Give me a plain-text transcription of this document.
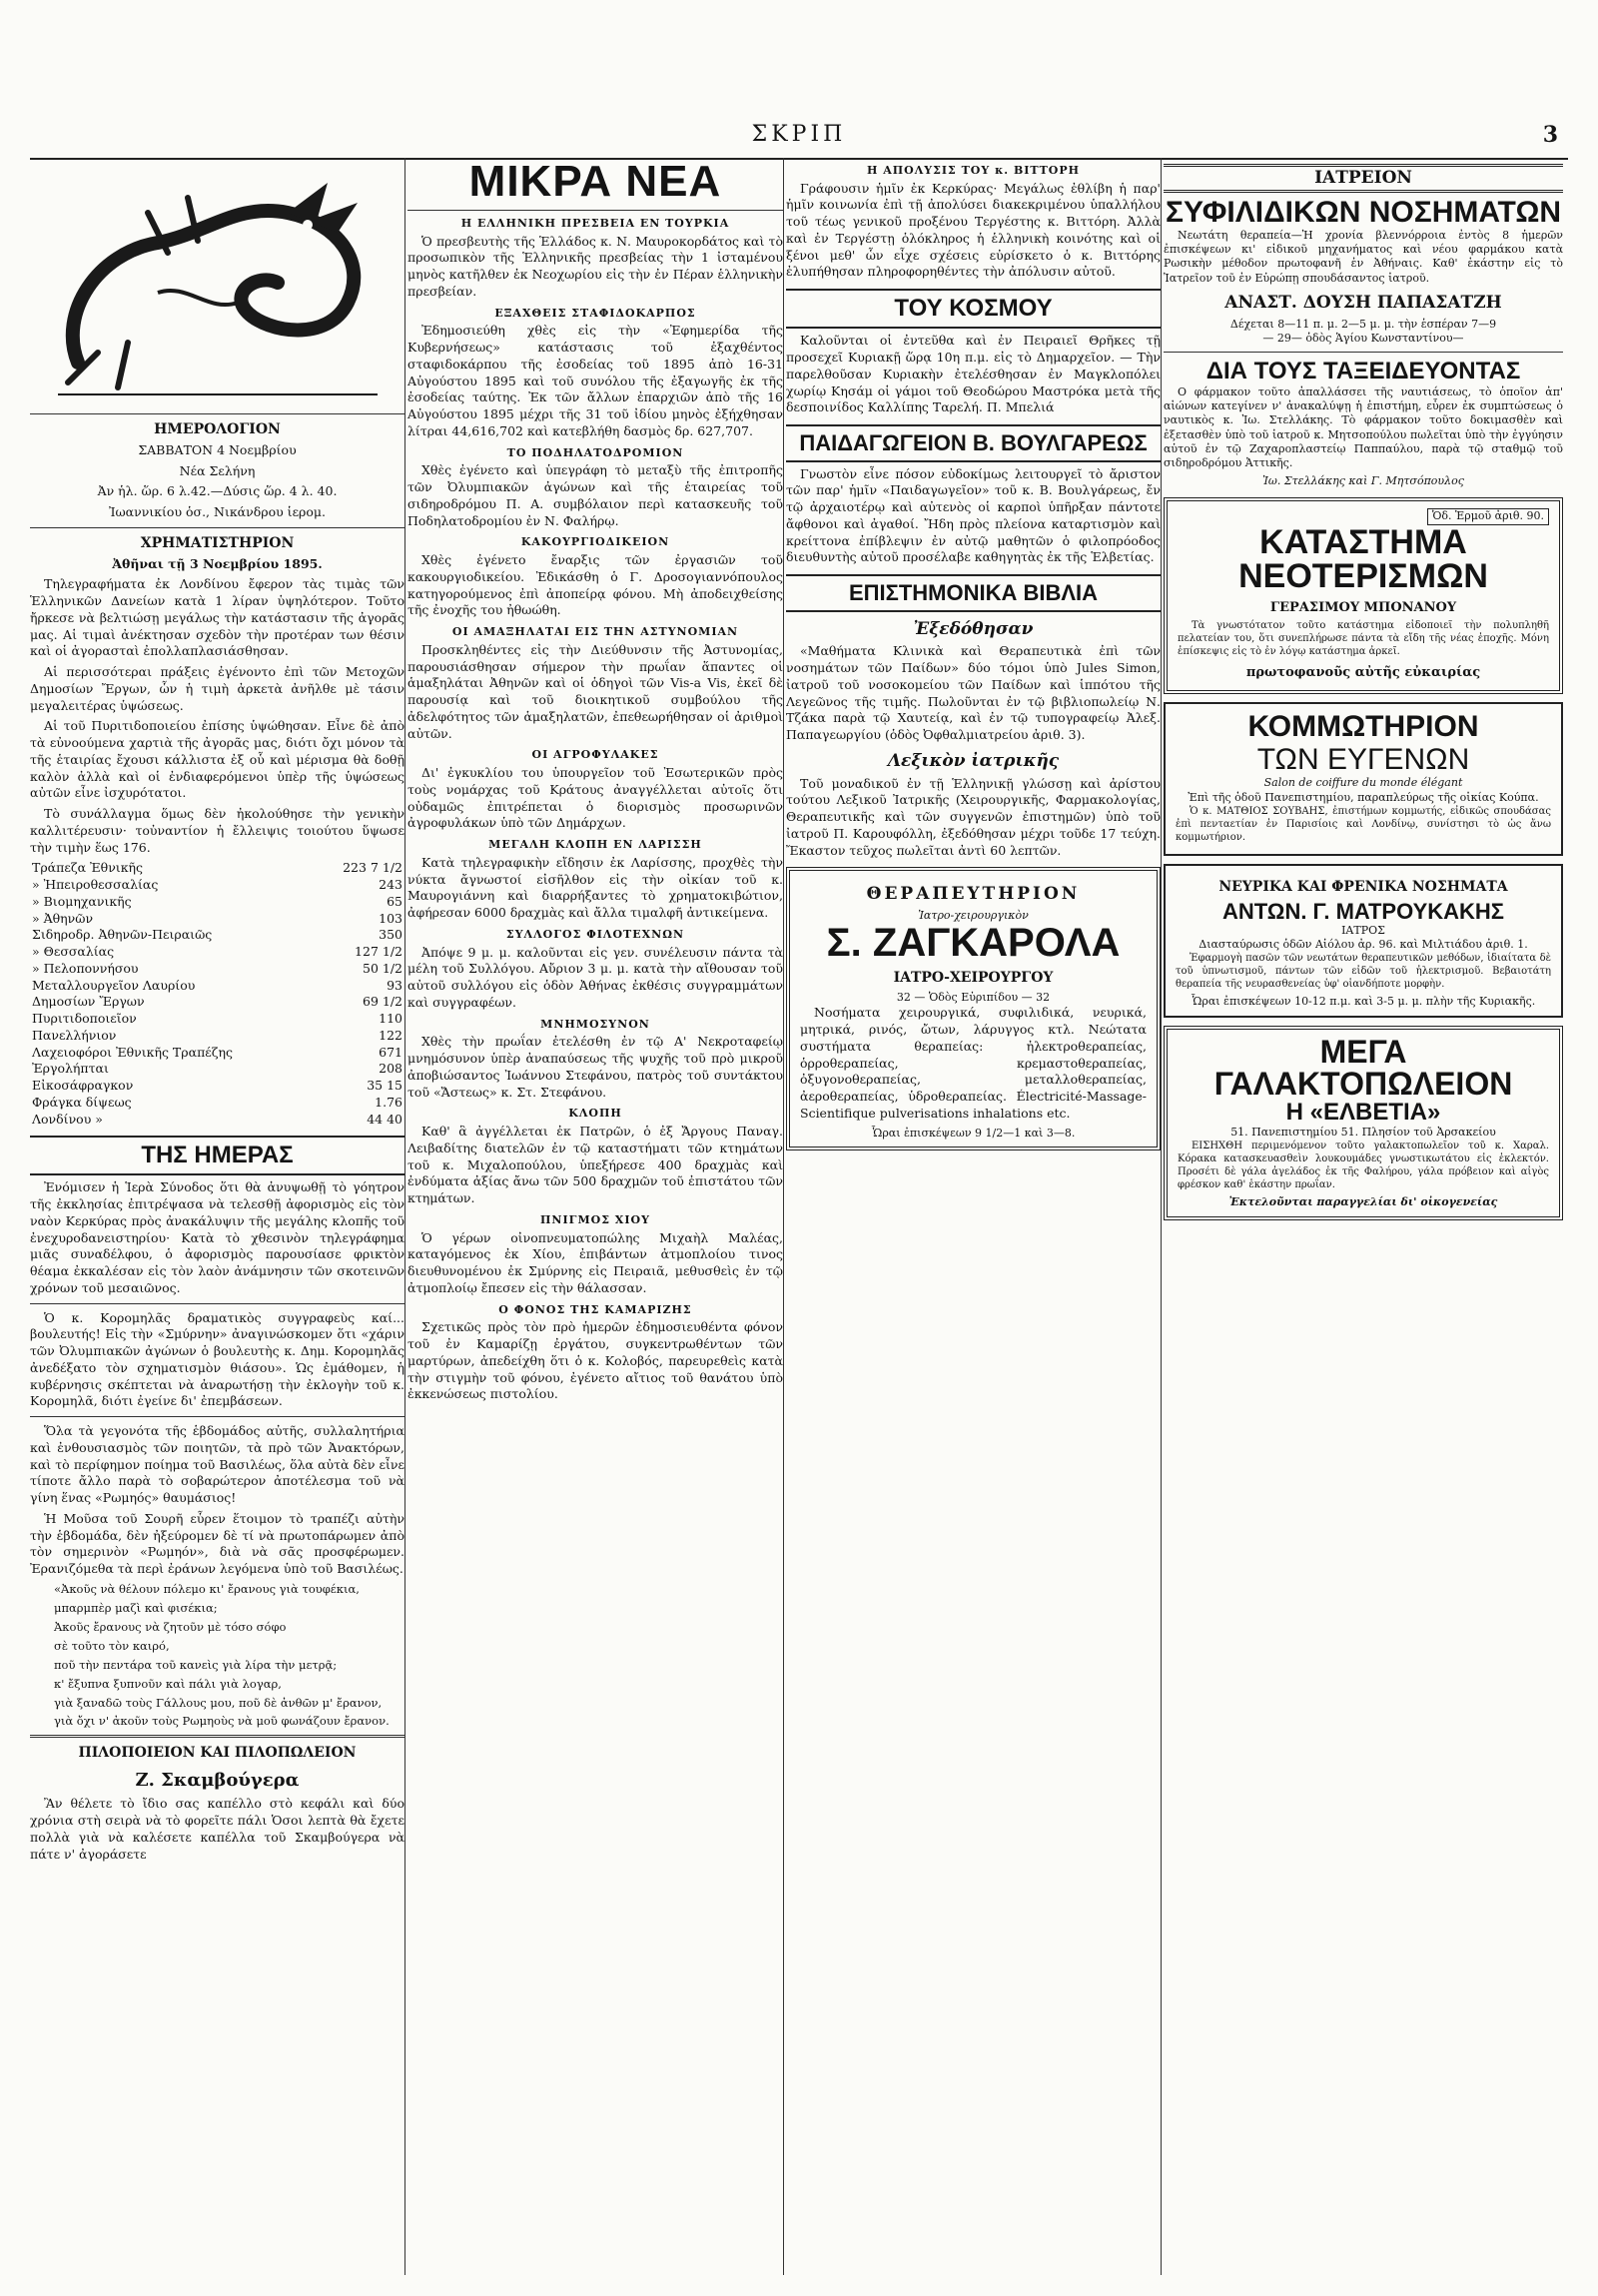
ΣΚΡΙΠ	3
ΗΜΕΡΟΛΟΓΙΟΝ

ΣΑΒΒΑΤΟΝ 4 Νοεμβρίου

Νέα Σελήνη

Ἀν ἡλ. ὥρ. 6 λ.42.—Δύσις ὥρ. 4 λ. 40.

Ἰωαννικίου ὁσ., Νικάνδρου ἱερομ.

ΧΡΗΜΑΤΙΣΤΗΡΙΟΝ

Ἀθῆναι τῇ 3 Νοεμβρίου 1895.

Τηλεγραφήματα ἐκ Λονδίνου ἔφερον τὰς τιμὰς τῶν Ἑλληνικῶν Δανείων κατὰ 1 λίραν ὑψηλότερον. Τοῦτο ἤρκεσε νὰ βελτιώσῃ μεγάλως τὴν κατάστασιν τῆς ἀγορᾶς μας. Αἱ τιμαὶ ἀνέκτησαν σχεδὸν τὴν προτέραν των θέσιν καὶ οἱ ἀγορασταὶ ἐπολλαπλασιάσθησαν.

Αἱ περισσότεραι πράξεις ἐγένοντο ἐπὶ τῶν Μετοχῶν Δημοσίων Ἔργων, ὧν ἡ τιμὴ ἀρκετὰ ἀνῆλθε μὲ τάσιν μεγαλειτέρας ὑψώσεως.

Αἱ τοῦ Πυριτιδοποιείου ἐπίσης ὑψώθησαν. Εἶνε δὲ ἀπὸ τὰ εὐνοούμενα χαρτιὰ τῆς ἀγορᾶς μας, διότι ὄχι μόνον τὰ τῆς ἑταιρίας ἔχουσι κάλλιστα ἐξ οὗ καὶ μέρισμα θὰ δοθῇ καλὸν ἀλλὰ καὶ οἱ ἐνδιαφερόμενοι ὑπὲρ τῆς ὑψώσεως αὐτῶν εἶνε ἰσχυρότατοι.

Τὸ συνάλλαγμα ὅμως δὲν ἠκολούθησε τὴν γενικὴν καλλιτέρευσιν· τοὐναντίον ἡ ἔλλειψις τοιούτου ὕψωσε τὴν τιμὴν ἕως 176.

Τράπεζα Ἐθνικῆς	223 7 1/2
» Ἠπειροθεσσαλίας	243
» Βιομηχανικῆς	65
» Ἀθηνῶν	103
Σιδηροδρ. Ἀθηνῶν-Πειραιῶς	350
» Θεσσαλίας	127 1/2
» Πελοποννήσου	50 1/2
Μεταλλουργεῖον Λαυρίου	93
Δημοσίων Ἔργων	69 1/2
Πυριτιδοποιεῖον	110
Πανελλήνιον	122
Λαχειοφόροι Ἐθνικῆς Τραπέζης	671
Ἐργολήπται	208
Εἰκοσάφραγκον	35 15
Φράγκα δίψεως	1.76
Λονδίνου »	44 40
ΤΗΣ ΗΜΕΡΑΣ

Ἐνόμισεν ἡ Ἱερὰ Σύνοδος ὅτι θὰ ἀνυψωθῇ τὸ γόητρον τῆς ἐκκλησίας ἐπιτρέψασα νὰ τελεσθῇ ἀφορισμὸς εἰς τὸν ναὸν Κερκύρας πρὸς ἀνακάλυψιν τῆς μεγάλης κλοπῆς τοῦ ἐνεχυροδανειστηρίου· Κατὰ τὸ χθεσινὸν τηλεγράφημα μιᾶς συναδέλφου, ὁ ἀφορισμὸς παρουσίασε φρικτὸν θέαμα ἐκκαλέσαν εἰς τὸν λαὸν ἀνάμνησιν τῶν σκοτεινῶν χρόνων τοῦ μεσαιῶνος.

Ὁ κ. Κορομηλᾶς δραματικὸς συγγραφεὺς καί... βουλευτής! Εἰς τὴν «Σμύρνην» ἀναγινώσκομεν ὅτι «χάριν τῶν Ὀλυμπιακῶν ἀγώνων ὁ βουλευτὴς κ. Δημ. Κορομηλᾶς ἀνεδέξατο τὸν σχηματισμὸν θιάσου». Ὡς ἐμάθομεν, ἡ κυβέρνησις σκέπτεται νὰ ἀναρωτήσῃ τὴν ἐκλογὴν τοῦ κ. Κορομηλᾶ, διότι ἐγείνε δι' ἐπεμβάσεων.

Ὅλα τὰ γεγονότα τῆς ἑβδομάδος αὐτῆς, συλλαλητήρια καὶ ἐνθουσιασμὸς τῶν ποιητῶν, τὰ πρὸ τῶν Ἀνακτόρων, καὶ τὸ περίφημον ποίημα τοῦ Βασιλέως, ὅλα αὐτὰ δὲν εἶνε τίποτε ἄλλο παρὰ τὸ σοβαρώτερον ἀποτέλεσμα τοῦ νὰ γίνη ἕνας «Ρωμηός» θαυμάσιος!

Ἡ Μοῦσα τοῦ Σουρῆ εὗρεν ἕτοιμον τὸ τραπέζι αὐτὴν τὴν ἑβδομάδα, δὲν ἠξεύρομεν δὲ τί νὰ πρωτοπάρωμεν ἀπὸ τὸν σημερινὸν «Ρωμηόν», διὰ νὰ σᾶς προσφέρωμεν. Ἐρανιζόμεθα τὰ περὶ ἐράνων λεγόμενα ὑπὸ τοῦ Βασιλέως.

«Ἀκοῦς νὰ θέλουν πόλεμο κι' ἔρανους γιὰ τουφέκια,

μπαρμπὲρ μαζὶ καὶ φισέκια;

Ἀκοῦς ἔρανους νὰ ζητοῦν μὲ τόσο σόφο

σὲ τοῦτο τὸν καιρό,

ποῦ τὴν πεντάρα τοῦ κανεὶς γιὰ λίρα τὴν μετρᾷ;

κ' ἔξυπνα ξυπνοῦν καὶ πάλι γιὰ λογαρ,

γιὰ ξαναδῶ τοὺς Γάλλους μου, ποῦ δὲ ἀνθῶν μ' ἔρανον,

γιὰ ὄχι ν' ἀκοῦν τοὺς Ρωμηοὺς νὰ μοῦ φωνάζουν ἔρανον.

ΠΙΛΟΠΟΙΕΙΟΝ ΚΑΙ ΠΙΛΟΠΩΛΕΙΟΝ
Ζ. Σκαμβούγερα

Ἂν θέλετε τὸ ἴδιο σας καπέλλο στὸ κεφάλι καὶ δύο χρόνια στὴ σειρὰ νὰ τὸ φορεῖτε πάλι Ὁσοι λεπτὰ θὰ ἔχετε πολλὰ γιὰ νὰ καλέσετε καπέλλα τοῦ Σκαμβούγερα νὰ πάτε ν' ἀγοράσετε

ΜΙΚΡΑ ΝΕΑ
Η ΕΛΛΗΝΙΚΗ ΠΡΕΣΒΕΙΑ ΕΝ ΤΟΥΡΚΙΑ

Ὁ πρεσβευτὴς τῆς Ἑλλάδος κ. Ν. Μαυροκορδάτος καὶ τὸ προσωπικὸν τῆς Ἑλληνικῆς πρεσβείας τὴν 1 ἰσταμένου μηνὸς κατῆλθεν ἐκ Νεοχωρίου εἰς τὴν ἐν Πέραν ἑλληνικὴν πρεσβείαν.

ΕΞΑΧΘΕΙΣ ΣΤΑΦΙΔΟΚΑΡΠΟΣ

Ἐδημοσιεύθη χθὲς εἰς τὴν «Ἐφημερίδα τῆς Κυβερνήσεως» κατάστασις τοῦ ἐξαχθέντος σταφιδοκάρπου τῆς ἐσοδείας τοῦ 1895 ἀπὸ 16-31 Αὐγούστου 1895 καὶ τοῦ συνόλου τῆς ἐξαγωγῆς ἐκ τῆς ἐσοδείας ταύτης. Ἐκ τῶν ἄλλων ἐπαρχιῶν ἀπὸ τῆς 16 Αὐγούστου 1895 μέχρι τῆς 31 τοῦ ἰδίου μηνὸς ἐξήχθησαν λίτραι 44,616,702 καὶ κατεβλήθη δασμὸς δρ. 627,707.

ΤΟ ΠΟΔΗΛΑΤΟΔΡΟΜΙΟΝ

Χθὲς ἐγένετο καὶ ὑπεγράφη τὸ μεταξὺ τῆς ἐπιτροπῆς τῶν Ὀλυμπιακῶν ἀγώνων καὶ τῆς ἑταιρείας τοῦ σιδηροδρόμου Π. Α. συμβόλαιον περὶ κατασκευῆς τοῦ Ποδηλατοδρομίου ἐν Ν. Φαλήρῳ.

ΚΑΚΟΥΡΓΙΟΔΙΚΕΙΟΝ

Χθὲς ἐγένετο ἔναρξις τῶν ἐργασιῶν τοῦ κακουργιοδικείου. Ἐδικάσθη ὁ Γ. Δροσογιαννόπουλος κατηγορούμενος ἐπὶ ἀποπείρᾳ φόνου. Μὴ ἀποδειχθείσης τῆς ἐνοχῆς του ἠθωώθη.

ΟΙ ΑΜΑΞΗΛΑΤΑΙ ΕΙΣ ΤΗΝ ΑΣΤΥΝΟΜΙΑΝ

Προσκληθέντες εἰς τὴν Διεύθυνσιν τῆς Ἀστυνομίας, παρουσιάσθησαν σήμερον τὴν πρωΐαν ἅπαντες οἱ ἁμαξηλάται Ἀθηνῶν καὶ οἱ ὁδηγοὶ τῶν Vis-a Vis, ἐκεῖ δὲ παρουσίᾳ καὶ τοῦ διοικητικοῦ συμβούλου τῆς ἀδελφότητος τῶν ἁμαξηλατῶν, ἐπεθεωρήθησαν οἱ ἀριθμοὶ αὐτῶν.

ΟΙ ΑΓΡΟΦΥΛΑΚΕΣ

Δι' ἐγκυκλίου του ὑπουργεῖον τοῦ Ἐσωτερικῶν πρὸς τοὺς νομάρχας τοῦ Κράτους ἀναγγέλλεται αὐτοῖς ὅτι οὐδαμῶς ἐπιτρέπεται ὁ διορισμὸς προσωρινῶν ἀγροφυλάκων ὑπὸ τῶν Δημάρχων.

ΜΕΓΑΛΗ ΚΛΟΠΗ ΕΝ ΛΑΡΙΣΣΗ

Κατὰ τηλεγραφικὴν εἴδησιν ἐκ Λαρίσσης, προχθὲς τὴν νύκτα ἄγνωστοί εἰσῆλθον εἰς τὴν οἰκίαν τοῦ κ. Μαυρογιάννη καὶ διαρρήξαντες τὸ χρηματοκιβώτιον, ἀφήρεσαν 6000 δραχμὰς καὶ ἄλλα τιμαλφῆ ἀντικείμενα.

ΣΥΛΛΟΓΟΣ ΦΙΛΟΤΕΧΝΩΝ

Ἀπόψε 9 μ. μ. καλοῦνται εἰς γεν. συνέλευσιν πάντα τὰ μέλη τοῦ Συλλόγου. Αὔριον 3 μ. μ. κατὰ τὴν αἴθουσαν τοῦ αὐτοῦ συλλόγου εἰς ὁδὸν Ἀθήνας ἐκθέσις συγγραμμάτων καὶ συγγραφέων.

ΜΝΗΜΟΣΥΝΟΝ

Χθὲς τὴν πρωΐαν ἐτελέσθη ἐν τῷ Α' Νεκροταφείῳ μνημόσυνον ὑπὲρ ἀναπαύσεως τῆς ψυχῆς τοῦ πρὸ μικροῦ ἀποβιώσαντος Ἰωάννου Στεφάνου, πατρὸς τοῦ συντάκτου τοῦ «Ἄστεως» κ. Στ. Στεφάνου.

ΚΛΟΠΗ

Καθ' ἃ ἀγγέλλεται ἐκ Πατρῶν, ὁ ἐξ Ἄργους Παναγ. Λειβαδίτης διατελῶν ἐν τῷ καταστήματι τῶν κτημάτων τοῦ κ. Μιχαλοπούλου, ὑπεξήρεσε 400 δραχμὰς καὶ ἐνδύματα ἀξίας ἄνω τῶν 500 δραχμῶν τοῦ ἐπιστάτου τῶν κτημάτων.

ΠΝΙΓΜΟΣ ΧΙΟΥ

Ὁ γέρων οἰνοπνευματοπώλης Μιχαὴλ Μαλέας, καταγόμενος ἐκ Χίου, ἐπιβάντων ἀτμοπλοίου τινος διευθυνομένου ἐκ Σμύρνης εἰς Πειραιᾶ, μεθυσθεὶς ἐν τῷ ἀτμοπλοίῳ ἔπεσεν εἰς τὴν θάλασσαν.

Ο ΦΟΝΟΣ ΤΗΣ ΚΑΜΑΡΙΖΗΣ

Σχετικῶς πρὸς τὸν πρὸ ἡμερῶν ἐδημοσιευθέντα φόνον τοῦ ἐν Καμαρίζῃ ἐργάτου, συγκεντρωθέντων τῶν μαρτύρων, ἀπεδείχθη ὅτι ὁ κ. Κολοβός, παρευρεθεὶς κατὰ τὴν στιγμὴν τοῦ φόνου, ἐγένετο αἴτιος τοῦ θανάτου ὑπὸ ἐκκενώσεως πιστολίου.

Η ΑΠΟΛΥΣΙΣ ΤΟΥ κ. ΒΙΤΤΟΡΗ

Γράφουσιν ἡμῖν ἐκ Κερκύρας· Μεγάλως ἐθλίβη ἡ παρ' ἡμῖν κοινωνία ἐπὶ τῇ ἀπολύσει διακεκριμένου ὑπαλλήλου τοῦ τέως γενικοῦ προξένου Τεργέστης κ. Βιττόρη. Ἀλλὰ καὶ ἐν Τεργέστῃ ὁλόκληρος ἡ ἑλληνικὴ κοινότης καὶ οἱ ξένοι μεθ' ὧν εἶχε σχέσεις εὐρίσκετο ὁ κ. Βιττόρης ἐλυπήθησαν πληροφορηθέντες τὴν ἀπόλυσιν αὐτοῦ.

ΤΟΥ ΚΟΣΜΟΥ

Καλοῦνται οἱ ἐντεῦθα καὶ ἐν Πειραιεῖ Θρῆκες τῇ προσεχεῖ Κυριακῇ ὥρᾳ 10η π.μ. εἰς τὸ Δημαρχεῖον. — Τὴν παρελθοῦσαν Κυριακὴν ἐτελέσθησαν ἐν Μαγκλοπόλει χωρίῳ Κησάμ οἱ γάμοι τοῦ Θεοδώρου Μαστρόκα μετὰ τῆς δεσποινίδος Καλλίπης Ταρελή. Π. Μπελιά

ΠΑΙΔΑΓΩΓΕΙΟΝ Β. ΒΟΥΛΓΑΡΕΩΣ

Γνωστὸν εἶνε πόσον εὐδοκίμως λειτουργεῖ τὸ ἄριστον τῶν παρ' ἡμῖν «Παιδαγωγεῖον» τοῦ κ. Β. Βουλγάρεως, ἔν τῷ ἀρχαιοτέρῳ καὶ αὐτενὸς οἱ καρποὶ ὑπῆρξαν πάντοτε ἄφθονοι καὶ ἀγαθοί. Ἤδη πρὸς πλείονα καταρτισμὸν καὶ κρείττονα ἐπίβλεψιν ἐν αὐτῷ μαθητῶν ὁ φιλοπρόοδος διευθυντὴς αὐτοῦ προσέλαβε καθηγητὰς ἐκ τῆς Ἑλβετίας.

ΕΠΙΣΤΗΜΟΝΙΚΑ ΒΙΒΛΙΑ
Ἐξεδόθησαν

«Μαθήματα Κλινικὰ καὶ Θεραπευτικὰ ἐπὶ τῶν νοσημάτων τῶν Παίδων» δύο τόμοι ὑπὸ Jules Simon, ἰατροῦ τοῦ νοσοκομείου τῶν Παίδων καὶ ἱππότου τῆς Λεγεῶνος τῆς τιμῆς. Πωλοῦνται ἐν τῷ βιβλιοπωλείῳ Ν. Τζάκα παρὰ τῷ Χαυτείᾳ, καὶ ἐν τῷ τυπογραφείῳ Ἀλεξ. Παπαγεωργίου (ὁδὸς Ὀφθαλμιατρείου ἀριθ. 3).

Λεξικὸν ἰατρικῆς

Τοῦ μοναδικοῦ ἐν τῇ Ἑλληνικῇ γλώσσῃ καὶ ἀρίστου τούτου Λεξικοῦ Ἰατρικῆς (Χειρουργικῆς, Φαρμακολογίας, Θεραπευτικῆς καὶ τῶν συγγενῶν ἐπιστημῶν) ὑπὸ τοῦ ἰατροῦ Π. Καρουφόλλη, ἐξεδόθησαν μέχρι τοῦδε 17 τεύχη. Ἔκαστον τεῦχος πωλεῖται ἀντὶ 60 λεπτῶν.

ΘΕΡΑΠΕΥΤΗΡΙΟΝ
Ἰατρο-χειρουργικὸν
Σ. ΖΑΓΚΑΡΟΛΑ
ΙΑΤΡΟ-ΧΕΙΡΟΥΡΓΟΥ
32 — Ὁδὸς Εὐριπίδου — 32

Νοσήματα χειρουργικά, συφιλιδικά, νευρικά, μητρικά, ρινός, ὤτων, λάρυγγος κτλ. Νεώτατα συστήματα θεραπείας: ἠλεκτροθεραπείας, ὁρροθεραπείας, κρεμαστοθεραπείας, ὀξυγονοθεραπείας, μεταλλοθεραπείας, ἀεροθεραπείας, ὑδροθεραπείας. Électricité-Massage-Scientifique pulverisations inhalations etc.

Ὧραι ἐπισκέψεων 9 1/2—1 καὶ 3—8.
ΙΑΤΡΕΙΟΝ
ΣΥΦΙΛΙΔΙΚΩΝ ΝΟΣΗΜΑΤΩΝ

Νεωτάτη θεραπεία—Ἡ χρονία βλεννόρροια ἐντὸς 8 ἡμερῶν ἐπισκέψεων κι' εἰδικοῦ μηχανήματος καὶ νέου φαρμάκου κατὰ Ρωσικὴν μέθοδον πρωτοφανῆ ἐν Ἀθήναις. Καθ' ἑκάστην εἰς τὸ Ἰατρεῖον τοῦ ἐν Εὐρώπῃ σπουδάσαντος ἰατροῦ.

ΑΝΑΣΤ. ΔΟΥΣΗ ΠΑΠΑΣΑΤΖΗ
Δέχεται 8—11 π. μ. 2—5 μ. μ. τὴν ἑσπέραν 7—9
— 29— ὁδὸς Ἁγίου Κωνσταντίνου—
ΔΙΑ ΤΟΥΣ ΤΑΞΕΙΔΕΥΟΝΤΑΣ

Ο φάρμακον τοῦτο ἀπαλλάσσει τῆς ναυτιάσεως, τὸ ὁποῖον ἀπ' αἰώνων κατεγίνεν ν' ἀνακαλύψῃ ἡ ἐπιστήμη, εὗρεν ἐκ συμπτώσεως ὁ ναυτικὸς κ. Ἰω. Στελλάκης. Τὸ φάρμακον τοῦτο δοκιμασθὲν καὶ ἐξετασθὲν ὑπὸ τοῦ ἰατροῦ κ. Μητσοπούλου πωλεῖται ὑπὸ τὴν ἐγγύησιν αὐτοῦ ἐν τῷ Ζαχαροπλαστείῳ Παππαύλου, παρὰ τῷ σταθμῷ τοῦ σιδηροδρόμου Ἀττικῆς.

Ἰω. Στελλάκης καὶ Γ. Μητσόπουλος
Ὁδ. Ἑρμοῦ ἀριθ. 90.
ΚΑΤΑΣΤΗΜΑ ΝΕΟΤΕΡΙΣΜΩΝ
ΓΕΡΑΣΙΜΟΥ ΜΠΟΝΑΝΟΥ

Τὰ γνωστότατον τοῦτο κατάστημα εἰδοποιεῖ τὴν πολυπληθῆ πελατείαν του, ὅτι συνεπλήρωσε πάντα τὰ εἴδη τῆς νέας ἐποχῆς. Μόνη ἐπίσκεψις εἰς τὸ ἐν λόγῳ κατάστημα ἀρκεῖ.

πρωτοφανοῦς αὐτῆς εὐκαιρίας
ΚΟΜΜΩΤΗΡΙΟΝ
ΤΩΝ ΕΥΓΕΝΩΝ
Salon de coiffure du monde élégant
Ἐπὶ τῆς ὁδοῦ Πανεπιστημίου, παραπλεύρως τῆς οἰκίας Κούπα.

Ὁ κ. ΜΑΤΘΙΟΣ ΣΟΥΒΑΗΣ, ἐπιστήμων κομμωτής, εἰδικῶς σπουδάσας ἐπὶ πενταετίαν ἐν Παρισίοις καὶ Λονδίνῳ, συνίστησι τὸ ὡς ἄνω κομμωτήριον.

ΝΕΥΡΙΚΑ ΚΑΙ ΦΡΕΝΙΚΑ ΝΟΣΗΜΑΤΑ
ΑΝΤΩΝ. Γ. ΜΑΤΡΟΥΚΑΚΗΣ
ΙΑΤΡΟΣ
Διασταύρωσις ὁδῶν Αἰόλου ἀρ. 96. καὶ Μιλτιάδου ἀριθ. 1.

Ἐφαρμογὴ πασῶν τῶν νεωτάτων θεραπευτικῶν μεθόδων, ἰδιαίτατα δὲ τοῦ ὑπνωτισμοῦ, πάντων τῶν εἰδῶν τοῦ ἠλεκτρισμοῦ. Βεβαιοτάτη θεραπεία τῆς νευρασθενείας ὑφ' οἱανδήποτε μορφὴν.

Ὧραι ἐπισκέψεων 10-12 π.μ. καὶ 3-5 μ. μ. πλὴν τῆς Κυριακῆς.
ΜΕΓΑ ΓΑΛΑΚΤΟΠΩΛΕΙΟΝ
Η «ΕΛΒΕΤΙΑ»
51. Πανεπιστημίου 51. Πλησίον τοῦ Ἀρσακείου

ΕΙΣΗΧΘΗ περιμενόμενον τοῦτο γαλακτοπωλεῖον τοῦ κ. Χαραλ. Κόρακα κατασκευασθεὶν λουκουμάδες γνωστικωτάτου εἰς ἐκλεκτόν. Προσέτι δὲ γάλα ἀγελάδος ἐκ τῆς Φαλήρου, γάλα πρόβειον καὶ αἰγὸς φρέσκον καθ' ἑκάστην πρωΐαν.

Ἐκτελοῦνται παραγγελίαι δι' οἰκογενείας
